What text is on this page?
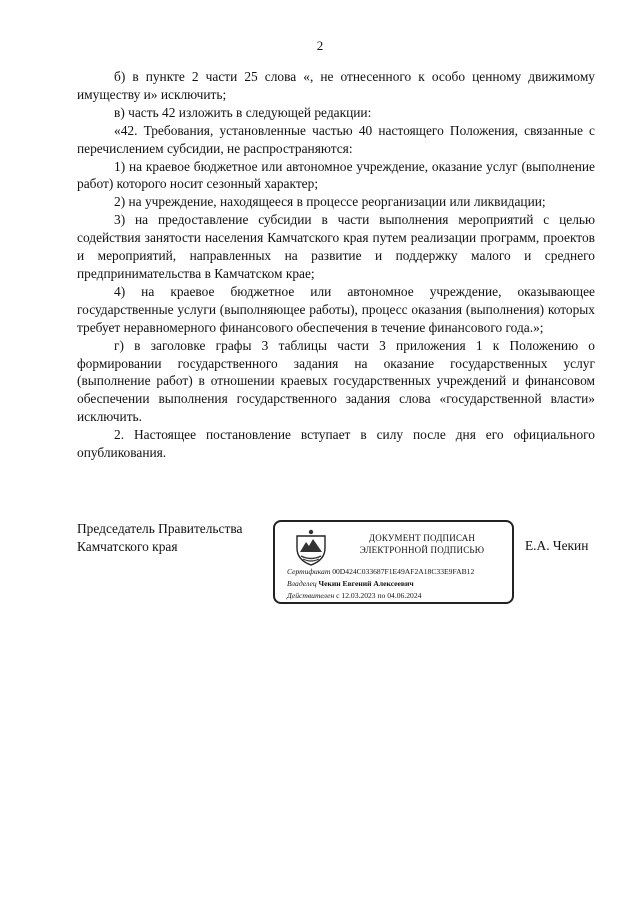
2

б) в пункте 2 части 25 слова «, не отнесенного к особо ценному движимому имуществу и» исключить;

в) часть 42 изложить в следующей редакции:

«42. Требования, установленные частью 40 настоящего Положения, связанные с перечислением субсидии, не распространяются:

1) на краевое бюджетное или автономное учреждение, оказание услуг (выполнение работ) которого носит сезонный характер;

2) на учреждение, находящееся в процессе реорганизации или ликвидации;

3) на предоставление субсидии в части выполнения мероприятий с целью содействия занятости населения Камчатского края путем реализации программ, проектов и мероприятий, направленных на развитие и поддержку малого и среднего предпринимательства в Камчатском крае;

4) на краевое бюджетное или автономное учреждение, оказывающее государственные услуги (выполняющее работы), процесс оказания (выполнения) которых требует неравномерного финансового обеспечения в течение финансового года.»;

г) в заголовке графы 3 таблицы части 3 приложения 1 к Положению о формировании государственного задания на оказание государственных услуг (выполнение работ) в отношении краевых государственных учреждений и финансовом обеспечении выполнения государственного задания слова «государственной власти» исключить.

2. Настоящее постановление вступает в силу после дня его официального опубликования.

Председатель Правительства
Камчатского края
ДОКУМЕНТ ПОДПИСАН
ЭЛЕКТРОННОЙ ПОДПИСЬЮ
Сертификат 00D424C033687F1E49AF2A18C33E9FAB12
Владелец Чекин Евгений Алексеевич
Действителен с 12.03.2023 по 04.06.2024
Е.А. Чекин
